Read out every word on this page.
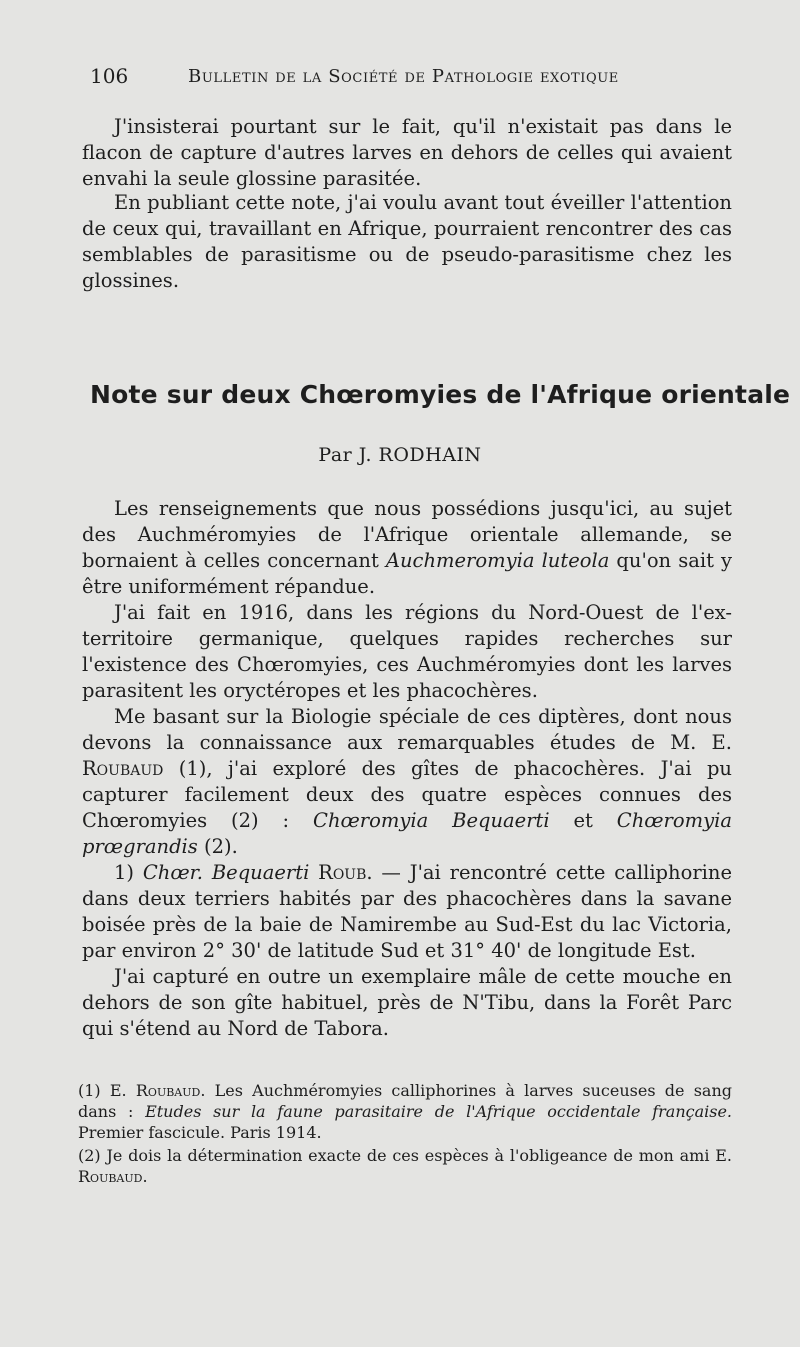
106	Bulletin de la Société de Pathologie exotique

J'insisterai pourtant sur le fait, qu'il n'existait pas dans le flacon de capture d'autres larves en dehors de celles qui avaient envahi la seule glossine parasitée.

En publiant cette note, j'ai voulu avant tout éveiller l'attention de ceux qui, travaillant en Afrique, pourraient rencontrer des cas semblables de parasitisme ou de pseudo-parasitisme chez les glossines.

Note sur deux Chœromyies de l'Afrique orientale
Par J. RODHAIN

Les renseignements que nous possédions jusqu'ici, au sujet des Auchméromyies de l'Afrique orientale allemande, se bornaient à celles concernant Auchmeromyia luteola qu'on sait y être uniformément répandue.

J'ai fait en 1916, dans les régions du Nord-Ouest de l'ex-territoire germanique, quelques rapides recherches sur l'existence des Chœromyies, ces Auchméromyies dont les larves parasitent les oryctéropes et les phacochères.

Me basant sur la Biologie spéciale de ces diptères, dont nous devons la connaissance aux remarquables études de M. E. Roubaud (1), j'ai exploré des gîtes de phacochères. J'ai pu capturer facilement deux des quatre espèces connues des Chœromyies (2) : Chœromyia Bequaerti et Chœromyia prœgrandis (2).

1) Chœr. Bequaerti Roub. — J'ai rencontré cette calliphorine dans deux terriers habités par des phacochères dans la savane boisée près de la baie de Namirembe au Sud-Est du lac Victoria, par environ 2° 30' de latitude Sud et 31° 40' de longitude Est.

J'ai capturé en outre un exemplaire mâle de cette mouche en dehors de son gîte habituel, près de N'Tibu, dans la Forêt Parc qui s'étend au Nord de Tabora.

(1) E. Roubaud. Les Auchméromyies calliphorines à larves suceuses de sang dans : Etudes sur la faune parasitaire de l'Afrique occidentale française. Premier fascicule. Paris 1914.

(2) Je dois la détermination exacte de ces espèces à l'obligeance de mon ami E. Roubaud.
